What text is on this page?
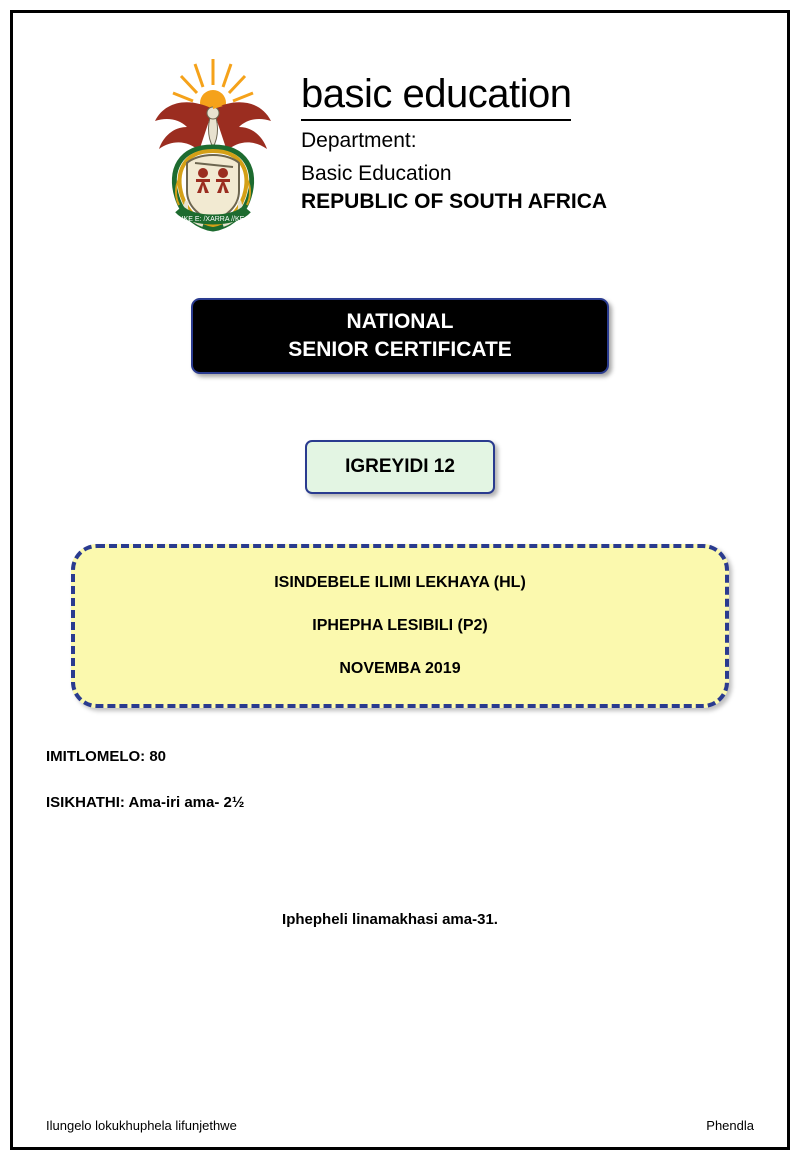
!KE E: /XARRA //KE
basic education
Department:
Basic Education
REPUBLIC OF SOUTH AFRICA
NATIONAL
SENIOR CERTIFICATE
IGREYIDI 12

ISINDEBELE ILIMI LEKHAYA (HL)

IPHEPHA LESIBILI (P2)

NOVEMBA 2019

IMITLOMELO: 80

ISIKHATHI: Ama-iri ama- 2½

Iphepheli linamakhasi ama-31.
Ilungelo lokukhuphela lifunjethwe	Phendla
